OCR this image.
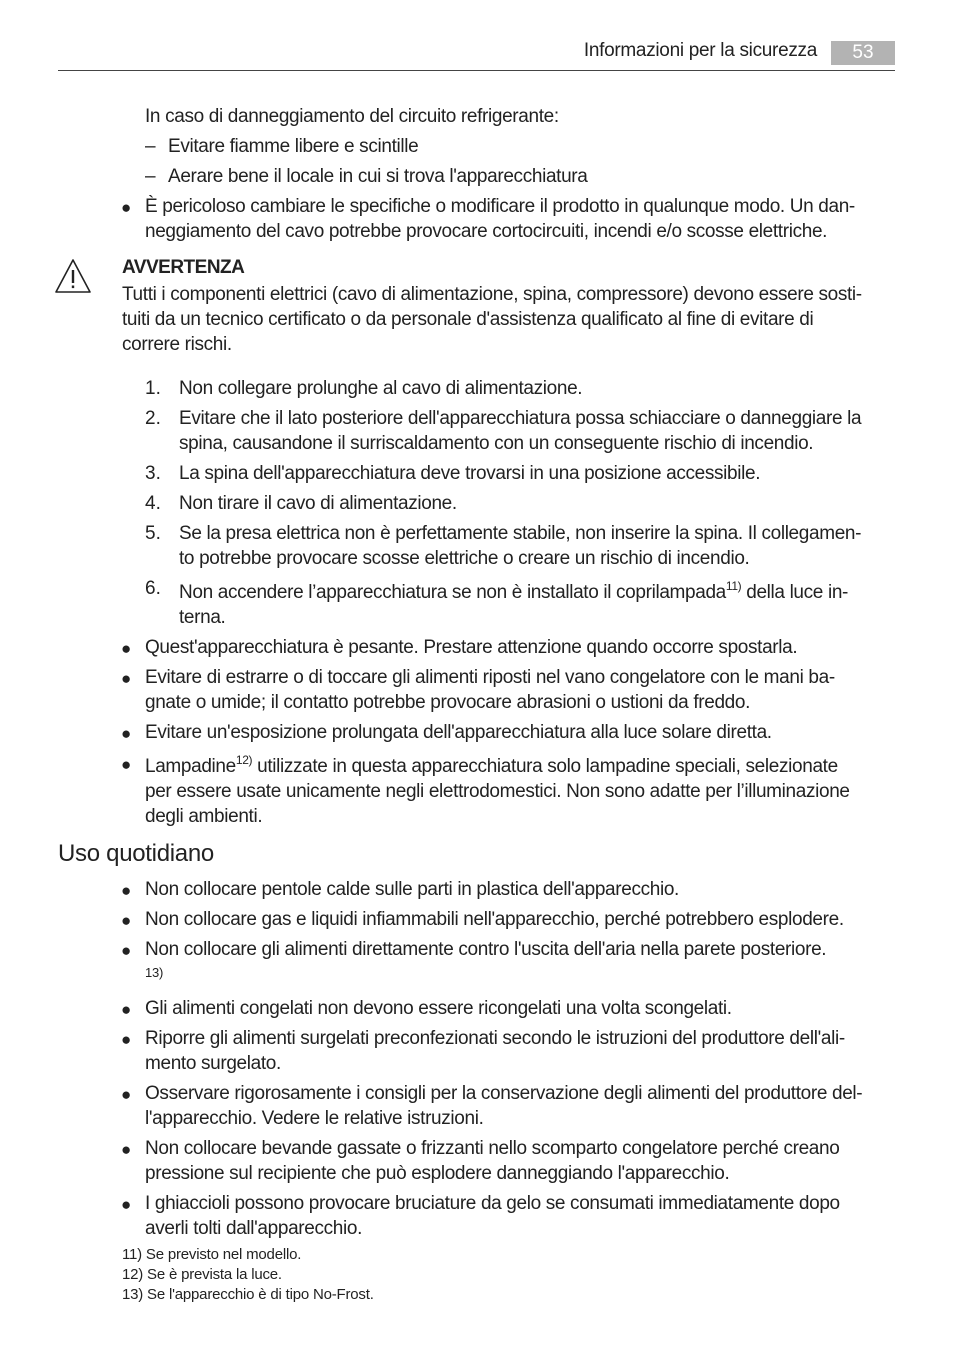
Informazioni per la sicurezza	53
In caso di danneggiamento del circuito refrigerante:
– Evitare fiamme libere e scintille
– Aerare bene il locale in cui si trova l'apparecchiatura
● È pericoloso cambiare le specifiche o modificare il prodotto in qualunque modo. Un dan-
neggiamento del cavo potrebbe provocare cortocircuiti, incendi e/o scosse elettriche.
AVVERTENZA
Tutti i componenti elettrici (cavo di alimentazione, spina, compressore) devono essere sosti-
tuiti da un tecnico certificato o da personale d'assistenza qualificato al fine di evitare di
correre rischi.
1. Non collegare prolunghe al cavo di alimentazione.
2. Evitare che il lato posteriore dell'apparecchiatura possa schiacciare o danneggiare la
spina, causandone il surriscaldamento con un conseguente rischio di incendio.
3. La spina dell'apparecchiatura deve trovarsi in una posizione accessibile.
4. Non tirare il cavo di alimentazione.
5. Se la presa elettrica non è perfettamente stabile, non inserire la spina. Il collegamen-
to potrebbe provocare scosse elettriche o creare un rischio di incendio.
6. Non accendere l’apparecchiatura se non è installato il coprilampada$^{11)}$ della luce in-
terna.
● Quest'apparecchiatura è pesante. Prestare attenzione quando occorre spostarla.
● Evitare di estrarre o di toccare gli alimenti riposti nel vano congelatore con le mani ba-
gnate o umide; il contatto potrebbe provocare abrasioni o ustioni da freddo.
● Evitare un'esposizione prolungata dell'apparecchiatura alla luce solare diretta.
● Lampadine$^{12)}$ utilizzate in questa apparecchiatura solo lampadine speciali, selezionate
per essere usate unicamente negli elettrodomestici. Non sono adatte per l’illuminazione
degli ambienti.
Uso quotidiano
● Non collocare pentole calde sulle parti in plastica dell'apparecchio.
● Non collocare gas e liquidi infiammabili nell'apparecchio, perché potrebbero esplodere.
● Non collocare gli alimenti direttamente contro l'uscita dell'aria nella parete posteriore.
13)
● Gli alimenti congelati non devono essere ricongelati una volta scongelati.
● Riporre gli alimenti surgelati preconfezionati secondo le istruzioni del produttore dell'ali-
mento surgelato.
● Osservare rigorosamente i consigli per la conservazione degli alimenti del produttore del-
l'apparecchio. Vedere le relative istruzioni.
● Non collocare bevande gassate o frizzanti nello scomparto congelatore perché creano
pressione sul recipiente che può esplodere danneggiando l'apparecchio.
● I ghiaccioli possono provocare bruciature da gelo se consumati immediatamente dopo
averli tolti dall'apparecchio.
11) Se previsto nel modello.
12) Se è prevista la luce.
13) Se l'apparecchio è di tipo No-Frost.
